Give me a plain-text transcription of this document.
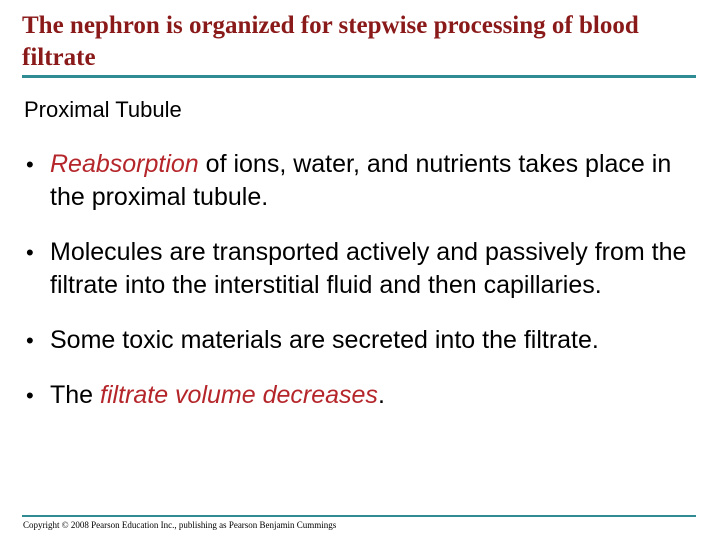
The nephron is organized for stepwise processing of blood filtrate
Proximal Tubule
• Reabsorption of ions, water, and nutrients takes place in the proximal tubule.
• Molecules are transported actively and passively from the filtrate into the interstitial fluid and then capillaries.
• Some toxic materials are secreted into the filtrate.
• The filtrate volume decreases.
Copyright © 2008 Pearson Education Inc., publishing as Pearson Benjamin Cummings
